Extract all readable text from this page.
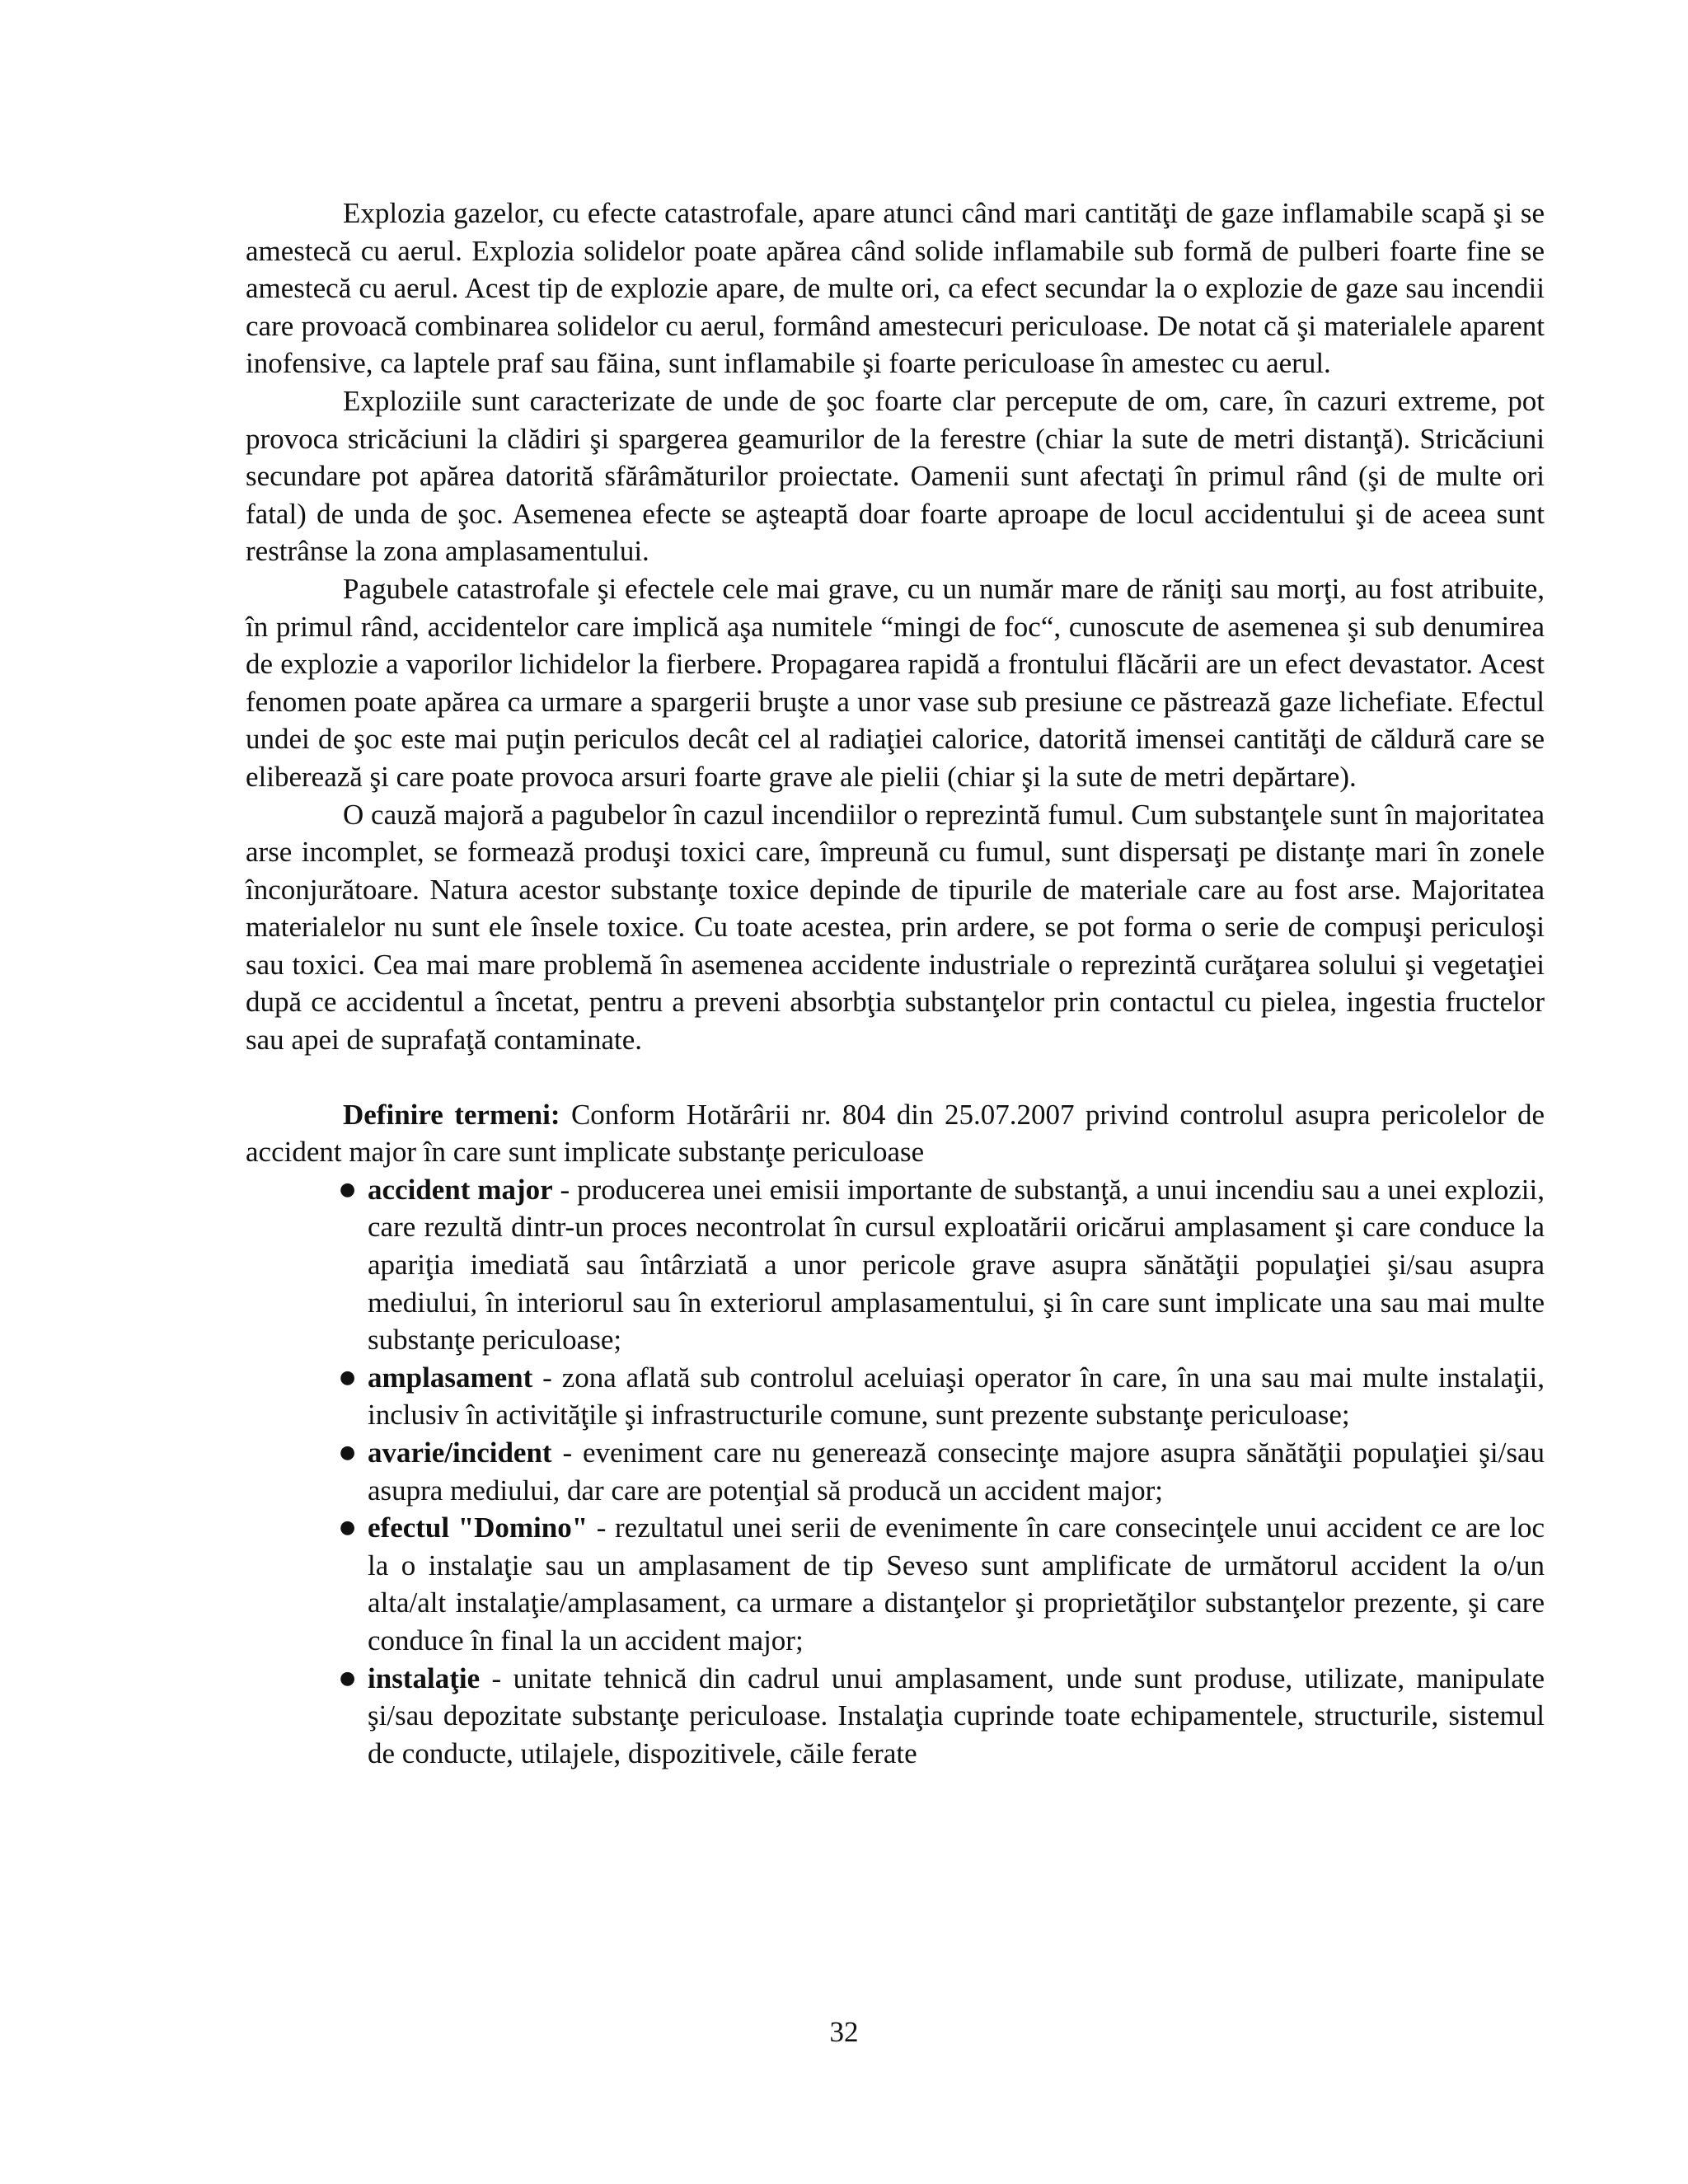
Explozia gazelor, cu efecte catastrofale, apare atunci când mari cantităţi de gaze inflamabile scapă şi se amestecă cu aerul. Explozia solidelor poate apărea când solide inflamabile sub formă de pulberi foarte fine se amestecă cu aerul. Acest tip de explozie apare, de multe ori, ca efect secundar la o explozie de gaze sau incendii care provoacă combinarea solidelor cu aerul, formând amestecuri periculoase. De notat că şi materialele aparent inofensive, ca laptele praf sau făina, sunt inflamabile şi foarte periculoase în amestec cu aerul.

Exploziile sunt caracterizate de unde de şoc foarte clar percepute de om, care, în cazuri extreme, pot provoca stricăciuni la clădiri şi spargerea geamurilor de la ferestre (chiar la sute de metri distanţă). Stricăciuni secundare pot apărea datorită sfărâmăturilor proiectate. Oamenii sunt afectaţi în primul rând (şi de multe ori fatal) de unda de şoc. Asemenea efecte se aşteaptă doar foarte aproape de locul accidentului şi de aceea sunt restrânse la zona amplasamentului.

Pagubele catastrofale şi efectele cele mai grave, cu un număr mare de răniţi sau morţi, au fost atribuite, în primul rând, accidentelor care implică aşa numitele “mingi de foc“, cunoscute de asemenea şi sub denumirea de explozie a vaporilor lichidelor la fierbere. Propagarea rapidă a frontului flăcării are un efect devastator. Acest fenomen poate apărea ca urmare a spargerii bruşte a unor vase sub presiune ce păstrează gaze lichefiate. Efectul undei de şoc este mai puţin periculos decât cel al radiaţiei calorice, datorită imensei cantităţi de căldură care se eliberează şi care poate provoca arsuri foarte grave ale pielii (chiar şi la sute de metri depărtare).

O cauză majoră a pagubelor în cazul incendiilor o reprezintă fumul. Cum substanţele sunt în majoritatea arse incomplet, se formează produşi toxici care, împreună cu fumul, sunt dispersaţi pe distanţe mari în zonele înconjurătoare. Natura acestor substanţe toxice depinde de tipurile de materiale care au fost arse. Majoritatea materialelor nu sunt ele însele toxice. Cu toate acestea, prin ardere, se pot forma o serie de compuşi periculoşi sau toxici. Cea mai mare problemă în asemenea accidente industriale o reprezintă curăţarea solului şi vegetaţiei după ce accidentul a încetat, pentru a preveni absorbţia substanţelor prin contactul cu pielea, ingestia fructelor sau apei de suprafaţă contaminate.

Definire termeni: Conform Hotărârii nr. 804 din 25.07.2007 privind controlul asupra pericolelor de accident major în care sunt implicate substanţe periculoase

● accident major - producerea unei emisii importante de substanţă, a unui incendiu sau a unei explozii, care rezultă dintr-un proces necontrolat în cursul exploatării oricărui amplasament şi care conduce la apariţia imediată sau întârziată a unor pericole grave asupra sănătăţii populaţiei şi/sau asupra mediului, în interiorul sau în exteriorul amplasamentului, şi în care sunt implicate una sau mai multe substanţe periculoase;
● amplasament - zona aflată sub controlul aceluiaşi operator în care, în una sau mai multe instalaţii, inclusiv în activităţile şi infrastructurile comune, sunt prezente substanţe periculoase;
● avarie/incident - eveniment care nu generează consecinţe majore asupra sănătăţii populaţiei şi/sau asupra mediului, dar care are potenţial să producă un accident major;
● efectul "Domino" - rezultatul unei serii de evenimente în care consecinţele unui accident ce are loc la o instalaţie sau un amplasament de tip Seveso sunt amplificate de următorul accident la o/un alta/alt instalaţie/amplasament, ca urmare a distanţelor şi proprietăţilor substanţelor prezente, şi care conduce în final la un accident major;
● instalaţie - unitate tehnică din cadrul unui amplasament, unde sunt produse, utilizate, manipulate şi/sau depozitate substanţe periculoase. Instalaţia cuprinde toate echipamentele, structurile, sistemul de conducte, utilajele, dispozitivele, căile ferate
32
